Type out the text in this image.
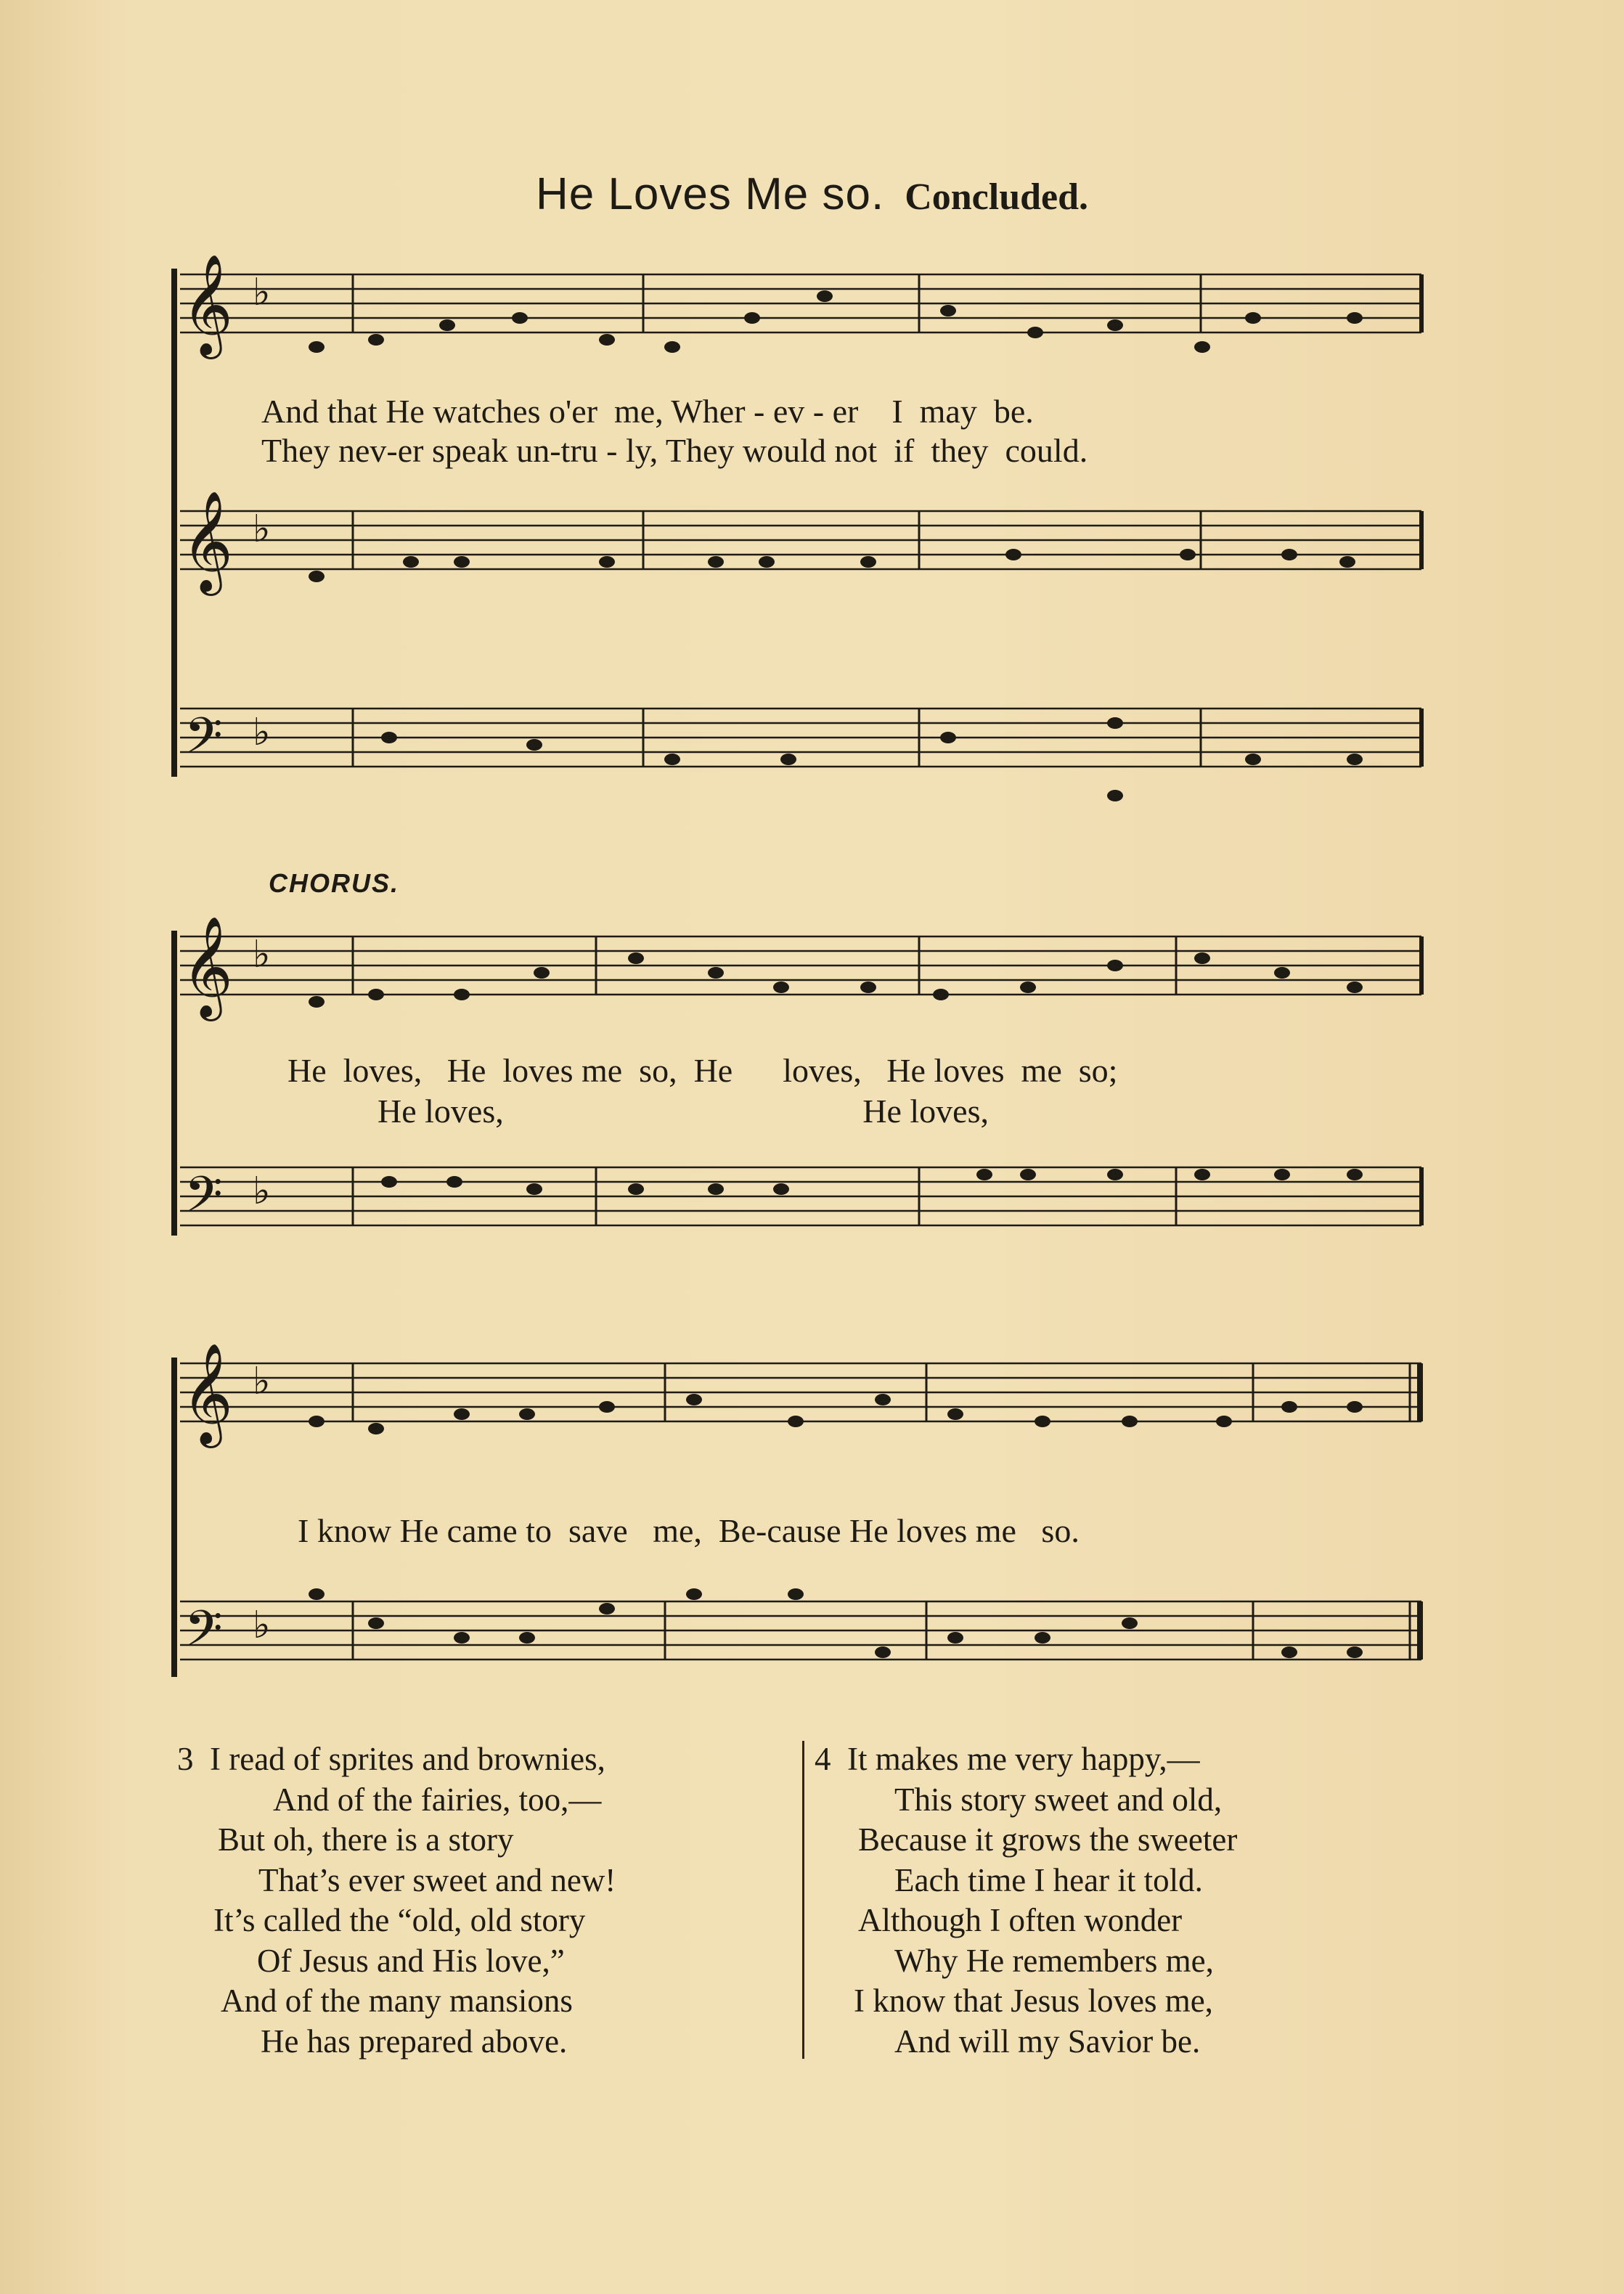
He Loves Me so. Concluded.
𝄞
𝄞
𝄢
♭
♭
♭
And that He watches o'er  me, Wher - ev - er    I  may  be.
They nev-er speak un-tru - ly, They would not  if  they  could.
CHORUS.
𝄞
𝄢
♭
♭
He  loves,   He  loves me  so,  He      loves,   He loves  me  so;
He loves,                                           He loves,
𝄞
𝄢
♭
♭
I know He came to  save   me,  Be-cause He loves me   so.
3 I read of sprites and brownies,
And of the fairies, too,—
But oh, there is a story
That’s ever sweet and new!
It’s called the “old, old story
Of Jesus and His love,”
And of the many mansions
He has prepared above.
4 It makes me very happy,—
This story sweet and old,
Because it grows the sweeter
Each time I hear it told.
Although I often wonder
Why He remembers me,
I know that Jesus loves me,
And will my Savior be.
